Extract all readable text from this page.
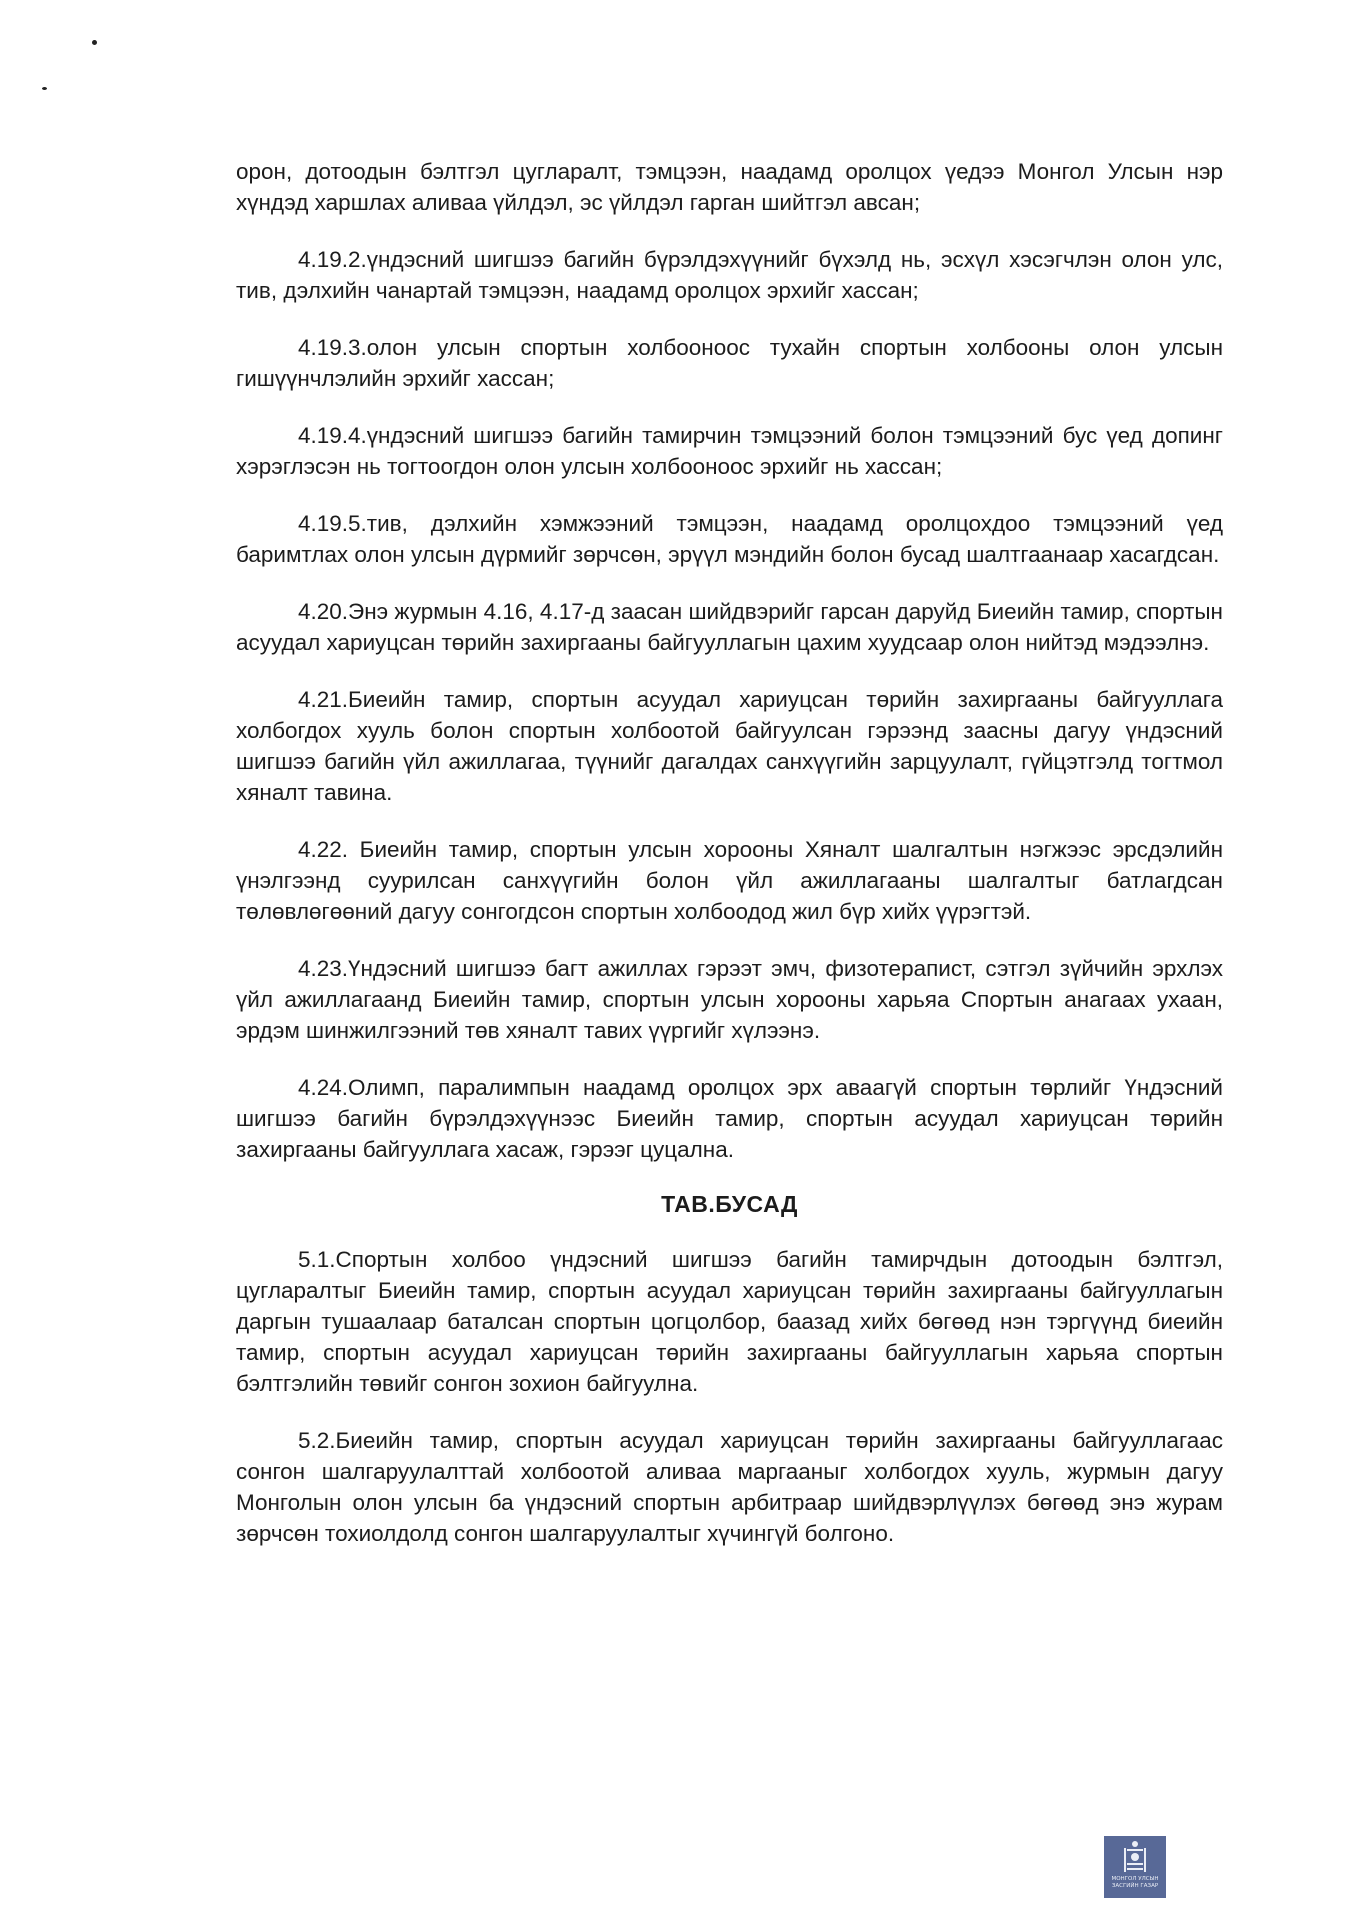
орон, дотоодын бэлтгэл цугларалт, тэмцээн, наадамд оролцох үедээ Монгол Улсын нэр хүндэд харшлах аливаа үйлдэл, эс үйлдэл гарган шийтгэл авсан;

4.19.2.үндэсний шигшээ багийн бүрэлдэхүүнийг бүхэлд нь, эсхүл хэсэгчлэн олон улс, тив, дэлхийн чанартай тэмцээн, наадамд оролцох эрхийг хассан;

4.19.3.олон улсын спортын холбооноос тухайн спортын холбооны олон улсын гишүүнчлэлийн эрхийг хассан;

4.19.4.үндэсний шигшээ багийн тамирчин тэмцээний болон тэмцээний бус үед допинг хэрэглэсэн нь тогтоогдон олон улсын холбооноос эрхийг нь хассан;

4.19.5.тив, дэлхийн хэмжээний тэмцээн, наадамд оролцохдоо тэмцээний үед баримтлах олон улсын дүрмийг зөрчсөн, эрүүл мэндийн болон бусад шалтгаанаар хасагдсан.

4.20.Энэ журмын 4.16, 4.17-д заасан шийдвэрийг гарсан даруйд Биеийн тамир, спортын асуудал хариуцсан төрийн захиргааны байгууллагын цахим хуудсаар олон нийтэд мэдээлнэ.

4.21.Биеийн тамир, спортын асуудал хариуцсан төрийн захиргааны байгууллага холбогдох хууль болон спортын холбоотой байгуулсан гэрээнд заасны дагуу үндэсний шигшээ багийн үйл ажиллагаа, түүнийг дагалдах санхүүгийн зарцуулалт, гүйцэтгэлд тогтмол хяналт тавина.

4.22. Биеийн тамир, спортын улсын хорооны Хяналт шалгалтын нэгжээс эрсдэлийн үнэлгээнд суурилсан санхүүгийн болон үйл ажиллагааны шалгалтыг батлагдсан төлөвлөгөөний дагуу сонгогдсон спортын холбоодод жил бүр хийх үүрэгтэй.

4.23.Үндэсний шигшээ багт ажиллах гэрээт эмч, физотерапист, сэтгэл зүйчийн эрхлэх үйл ажиллагаанд Биеийн тамир, спортын улсын хорооны харьяа Спортын анагаах ухаан, эрдэм шинжилгээний төв хяналт тавих үүргийг хүлээнэ.

4.24.Олимп, паралимпын наадамд оролцох эрх аваагүй спортын төрлийг Үндэсний шигшээ багийн бүрэлдэхүүнээс Биеийн тамир, спортын асуудал хариуцсан төрийн захиргааны байгууллага хасаж, гэрээг цуцална.

ТАВ.БУСАД

5.1.Спортын холбоо үндэсний шигшээ багийн тамирчдын дотоодын бэлтгэл, цугларалтыг Биеийн тамир, спортын асуудал хариуцсан төрийн захиргааны байгууллагын даргын тушаалаар баталсан спортын цогцолбор, баазад хийх бөгөөд нэн тэргүүнд биеийн тамир, спортын асуудал хариуцсан төрийн захиргааны байгууллагын харьяа спортын бэлтгэлийн төвийг сонгон зохион байгуулна.

5.2.Биеийн тамир, спортын асуудал хариуцсан төрийн захиргааны байгууллагаас сонгон шалгаруулалттай холбоотой аливаа маргааныг холбогдох хууль, журмын дагуу Монголын олон улсын ба үндэсний спортын арбитраар шийдвэрлүүлэх бөгөөд энэ журам зөрчсөн тохиолдолд сонгон шалгаруулалтыг хүчингүй болгоно.

МОНГОЛ УЛСЫН
ЗАСГИЙН ГАЗАР
